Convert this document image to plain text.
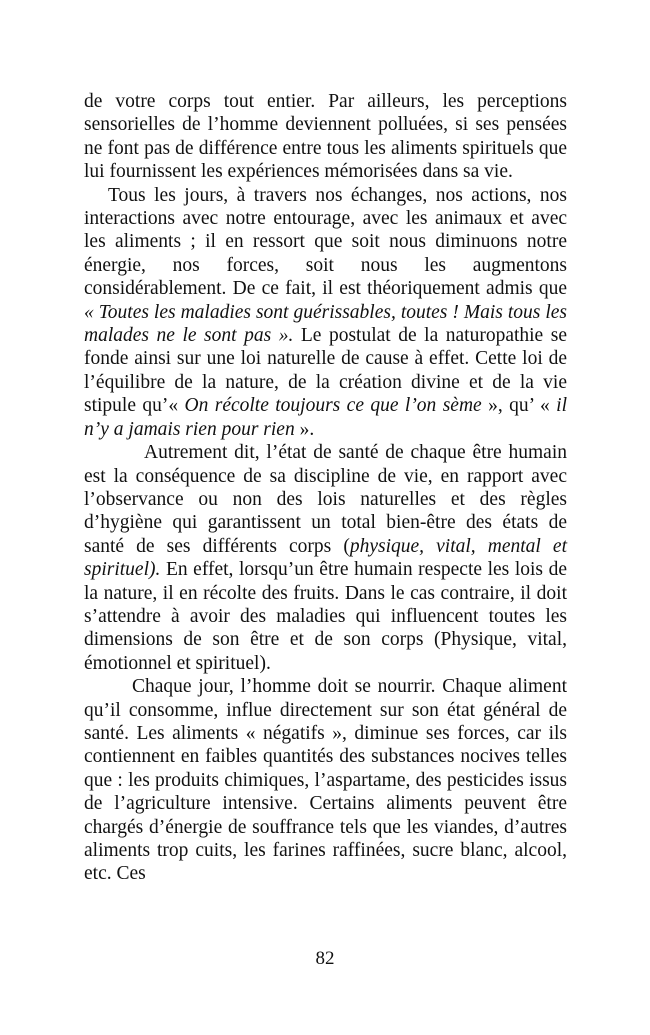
de votre corps tout entier. Par ailleurs, les perceptions sensorielles de l’homme deviennent polluées, si ses pensées ne font pas de différence entre tous les aliments spirituels que lui fournissent les expériences mémorisées dans sa vie.

Tous les jours, à travers nos échanges, nos actions, nos interactions avec notre entourage, avec les animaux et avec les aliments ; il en ressort que soit nous diminuons notre énergie, nos forces, soit nous les augmentons considérablement. De ce fait, il est théoriquement admis que « Toutes les maladies sont guérissables, toutes ! Mais tous les malades ne le sont pas ». Le postulat de la naturopathie se fonde ainsi sur une loi naturelle de cause à effet. Cette loi de l’équilibre de la nature, de la création divine et de la vie stipule qu’« On récolte toujours ce que l’on sème », qu’ « il n’y a jamais rien pour rien ».

Autrement dit, l’état de santé de chaque être humain est la conséquence de sa discipline de vie, en rapport avec l’observance ou non des lois naturelles et des règles d’hygiène qui garantissent un total bien-être des états de santé de ses différents corps (physique, vital, mental et spirituel). En effet, lorsqu’un être humain respecte les lois de la nature, il en récolte des fruits. Dans le cas contraire, il doit s’attendre à avoir des maladies qui influencent toutes les dimensions de son être et de son corps (Physique, vital, émotionnel et spirituel).

Chaque jour, l’homme doit se nourrir. Chaque aliment qu’il consomme, influe directement sur son état général de santé. Les aliments « négatifs », diminue ses forces, car ils contiennent en faibles quantités des substances nocives telles que : les produits chimiques, l’aspartame, des pesticides issus de l’agriculture intensive. Certains aliments peuvent être chargés d’énergie de souffrance tels que les viandes, d’autres aliments trop cuits, les farines raffinées, sucre blanc, alcool, etc. Ces

82
